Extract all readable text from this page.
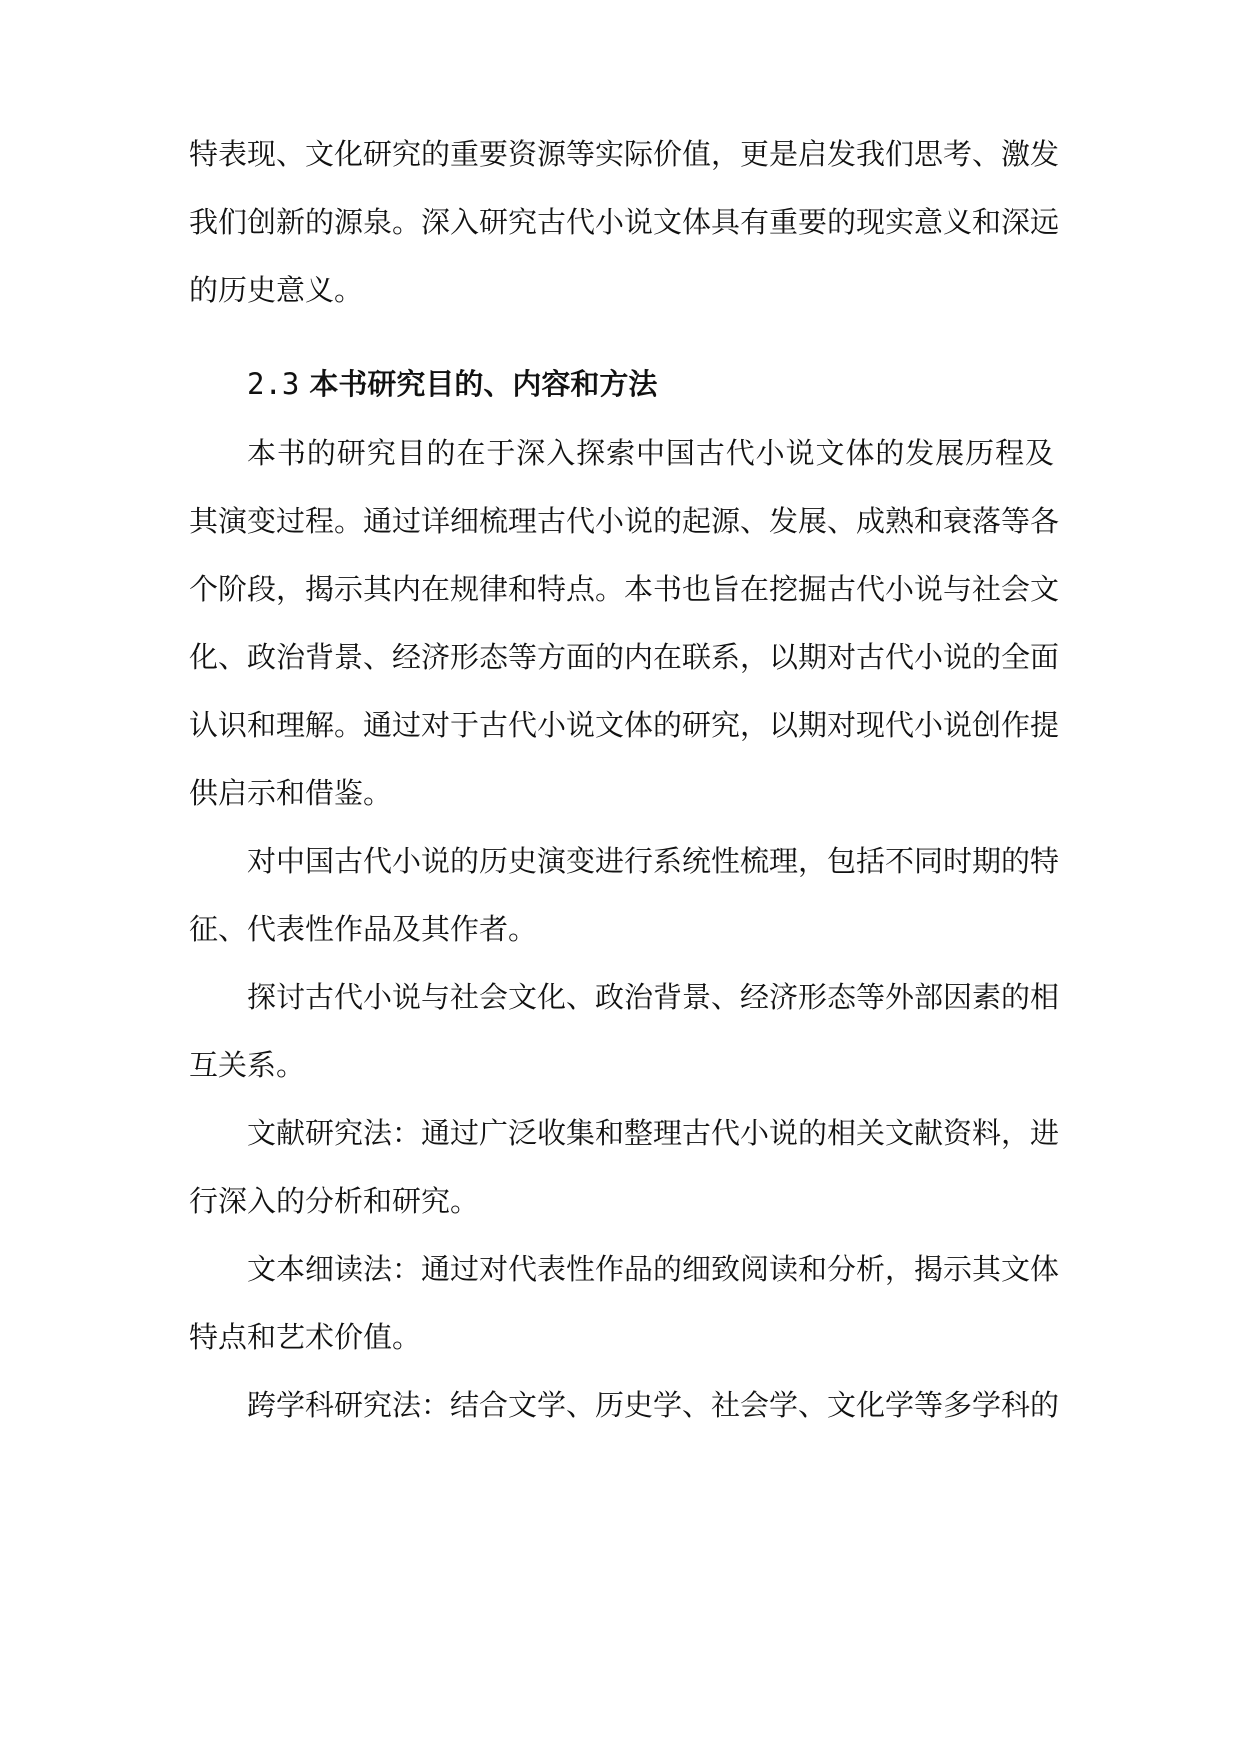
特表现、文化研究的重要资源等实际价值，更是启发我们思考、激发
我们创新的源泉。深入研究古代小说文体具有重要的现实意义和深远
的历史意义。
2.3 本书研究目的、内容和方法
本书的研究目的在于深入探索中国古代小说文体的发展历程及
其演变过程。通过详细梳理古代小说的起源、发展、成熟和衰落等各
个阶段，揭示其内在规律和特点。本书也旨在挖掘古代小说与社会文
化、政治背景、经济形态等方面的内在联系，以期对古代小说的全面
认识和理解。通过对于古代小说文体的研究，以期对现代小说创作提
供启示和借鉴。
对中国古代小说的历史演变进行系统性梳理，包括不同时期的特
征、代表性作品及其作者。
探讨古代小说与社会文化、政治背景、经济形态等外部因素的相
互关系。
文献研究法：通过广泛收集和整理古代小说的相关文献资料，进
行深入的分析和研究。
文本细读法：通过对代表性作品的细致阅读和分析，揭示其文体
特点和艺术价值。
跨学科研究法：结合文学、历史学、社会学、文化学等多学科的
